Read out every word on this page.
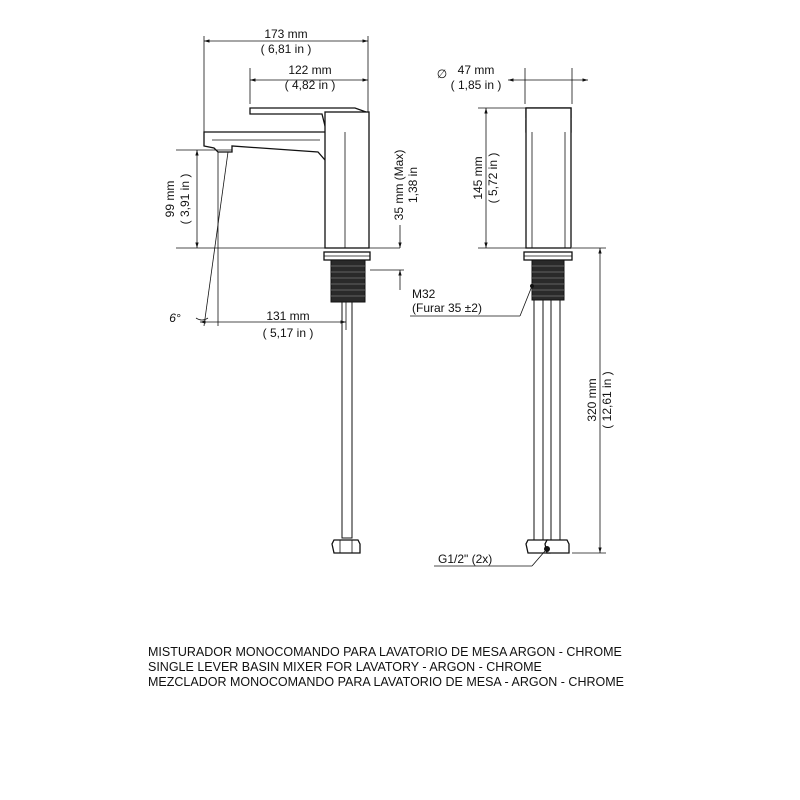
173 mm
( 6,81 in )
122 mm
( 4,82 in )
99 mm ( 3,91 in )	35 mm (Max) 1,38 in
6°	131 mm
( 5,17 in )
∅ 47 mm
( 1,85 in )
145 mm ( 5,72 in )
320 mm ( 12,61 in )
M32
(Furar 35 ±2)
G1/2" (2x)
MISTURADOR MONOCOMANDO PARA LAVATORIO DE MESA ARGON - CHROME
SINGLE LEVER BASIN MIXER FOR LAVATORY - ARGON - CHROME
MEZCLADOR MONOCOMANDO PARA LAVATORIO DE MESA - ARGON - CHROME
